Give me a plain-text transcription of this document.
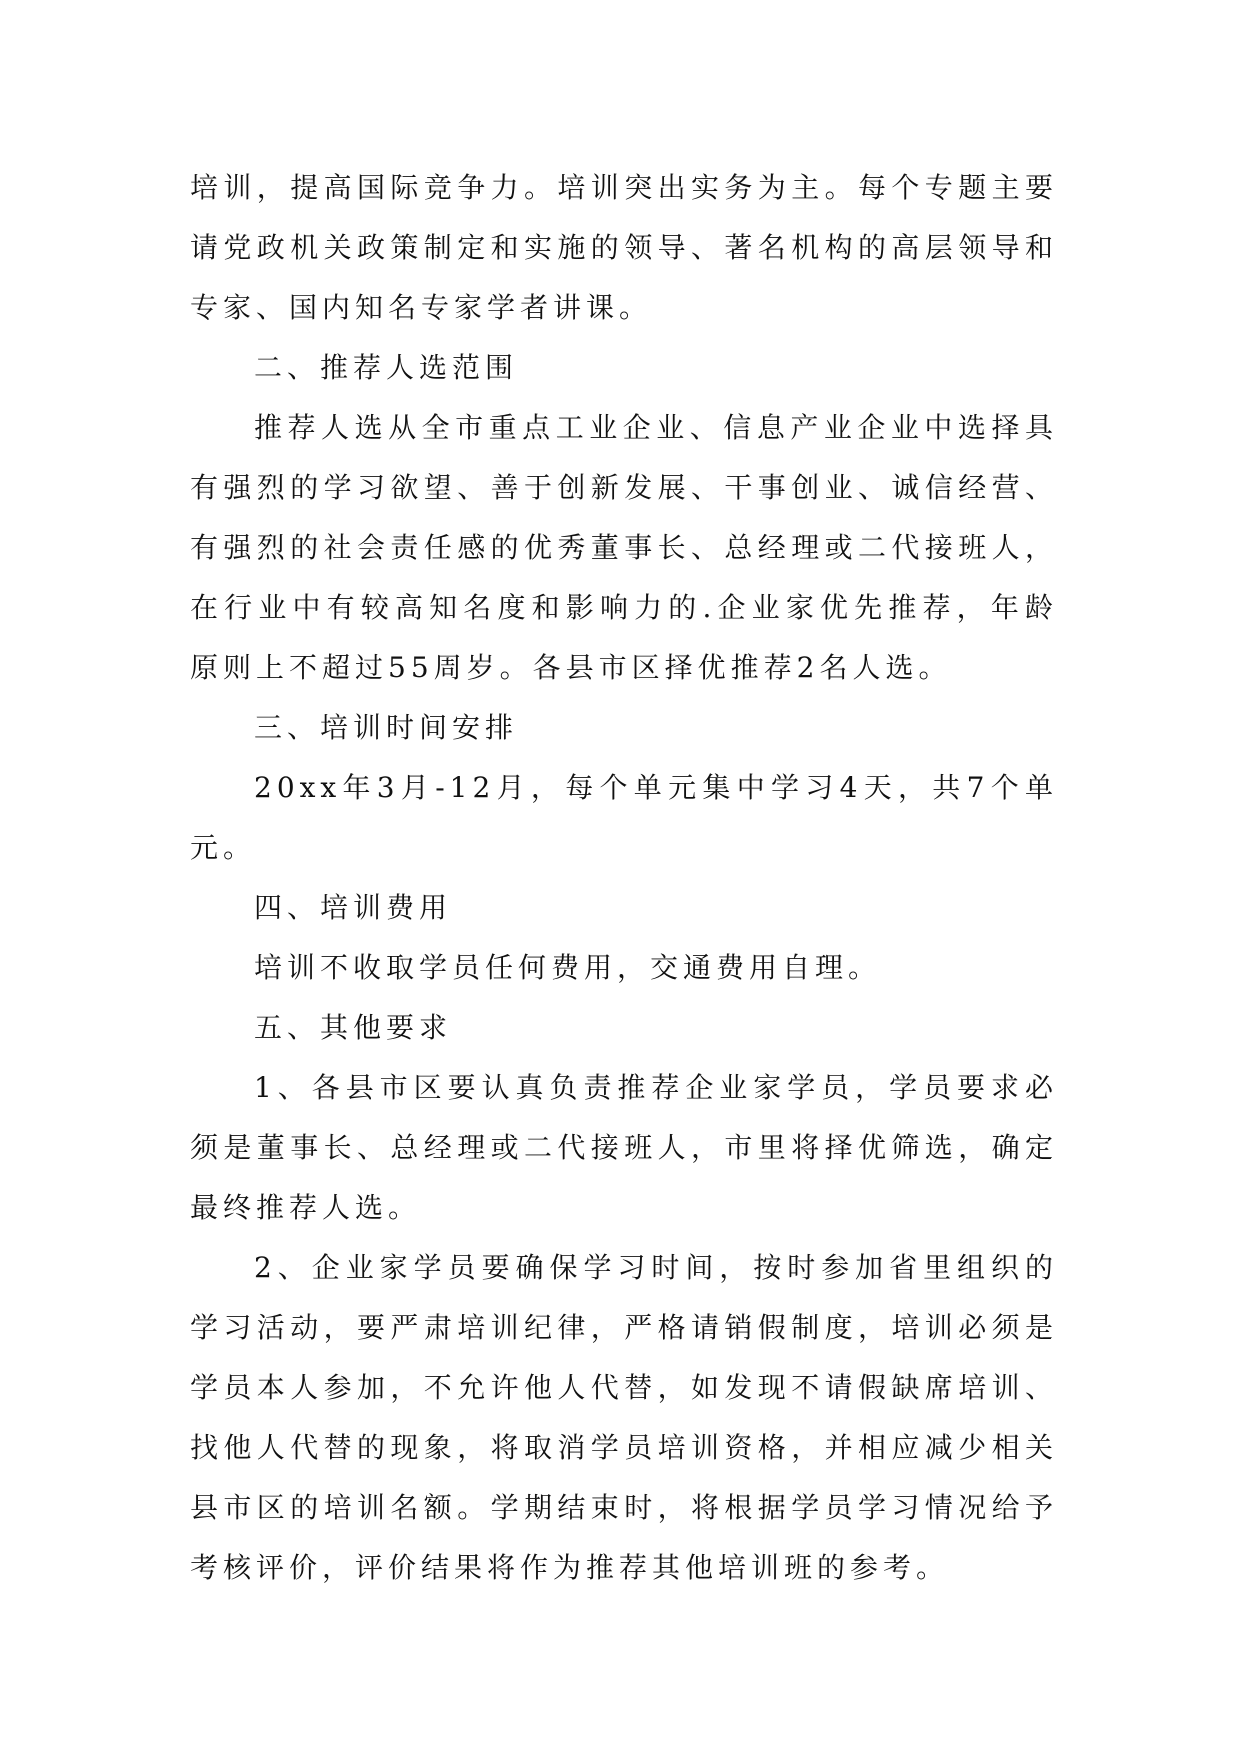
培训，提高国际竞争力。培训突出实务为主。每个专题主要请党政机关政策制定和实施的领导、著名机构的高层领导和专家、国内知名专家学者讲课。

二、推荐人选范围

推荐人选从全市重点工业企业、信息产业企业中选择具有强烈的学习欲望、善于创新发展、干事创业、诚信经营、有强烈的社会责任感的优秀董事长、总经理或二代接班人，在行业中有较高知名度和影响力的.企业家优先推荐，年龄原则上不超过55周岁。各县市区择优推荐2名人选。

三、培训时间安排

20xx年3月-12月，每个单元集中学习4天，共7个单元。

四、培训费用

培训不收取学员任何费用，交通费用自理。

五、其他要求

1、各县市区要认真负责推荐企业家学员，学员要求必须是董事长、总经理或二代接班人，市里将择优筛选，确定最终推荐人选。

2、企业家学员要确保学习时间，按时参加省里组织的学习活动，要严肃培训纪律，严格请销假制度，培训必须是学员本人参加，不允许他人代替，如发现不请假缺席培训、找他人代替的现象，将取消学员培训资格，并相应减少相关县市区的培训名额。学期结束时，将根据学员学习情况给予考核评价，评价结果将作为推荐其他培训班的参考。
